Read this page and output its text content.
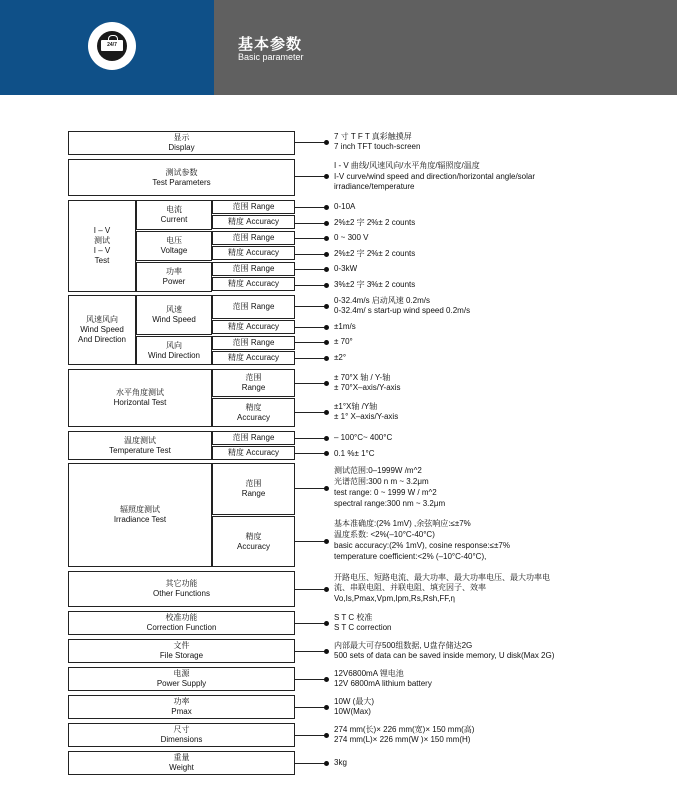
24/7	基本参数
Basic parameter
显示
Display
测试参数
Test Parameters
I – V
测试
I – V
Test
电流
Current
范围 Range
精度 Accuracy
电压
Voltage
范围 Range
精度 Accuracy
功率
Power
范围 Range
精度 Accuracy
风速风向
Wind Speed
And Direction
风速
Wind Speed
范围 Range
精度 Accuracy
风向
Wind Direction
范围 Range
精度 Accuracy
水平角度测试
Horizontal Test
范围
Range
精度
Accuracy
温度测试
Temperature Test
范围 Range
精度 Accuracy
辐照度测试
Irradiance Test
范围
Range
精度
Accuracy
其它功能
Other Functions
校准功能
Correction Function
文件
File Storage
电源
Power Supply
功率
Pmax
尺寸
Dimensions
重量
Weight
7 寸 T F T 真彩触摸屏
7 inch TFT touch-screen
I - V 曲线/风速风向/水平角度/辐照度/温度
I-V curve/wind speed and direction/horizontal angle/solar
irradiance/temperature
0-10A
2%±2 字 2%± 2 counts
0 ~ 300 V
2%±2 字 2%± 2 counts
0-3kW
3%±2 字 3%± 2 counts
0-32.4m/s 启动风速 0.2m/s
0-32.4m/ s start-up wind speed 0.2m/s
±1m/s
± 70°
±2°
± 70°X 轴 / Y-轴
± 70°X–axis/Y-axis
±1°X轴 /Y轴
± 1° X–axis/Y-axis
– 100°C~ 400°C
0.1 %± 1°C
测试范围:0–1999W /m^2
光谱范围:300 n m ~ 3.2μm
test range: 0 ~ 1999 W / m^2
spectral range:300 nm ~ 3.2μm
基本准确度:(2% 1mV) ,余弦响应:≤±7%
温度系数: <2%(–10°C-40°C)
basic accuracy:(2% 1mV), cosine response:≤±7%
temperature coefficient:<2% (–10°C-40°C),
开路电压、短路电流、最大功率、最大功率电压、最大功率电
流、串联电阻、并联电阻、填充因子、效率
Vo,Is,Pmax,Vpm,Ipm,Rs,Rsh,FF,η
S T C 校准
S T C correction
内部最大可存500组数据, U盘存储达2G
500 sets of data can be saved inside memory, U disk(Max 2G)
12V6800mA 锂电池
12V 6800mA lithium battery
10W (最大)
10W(Max)
274 mm(长)× 226 mm(宽)× 150 mm(高)
274 mm(L)× 226 mm(W )× 150 mm(H)
3kg
